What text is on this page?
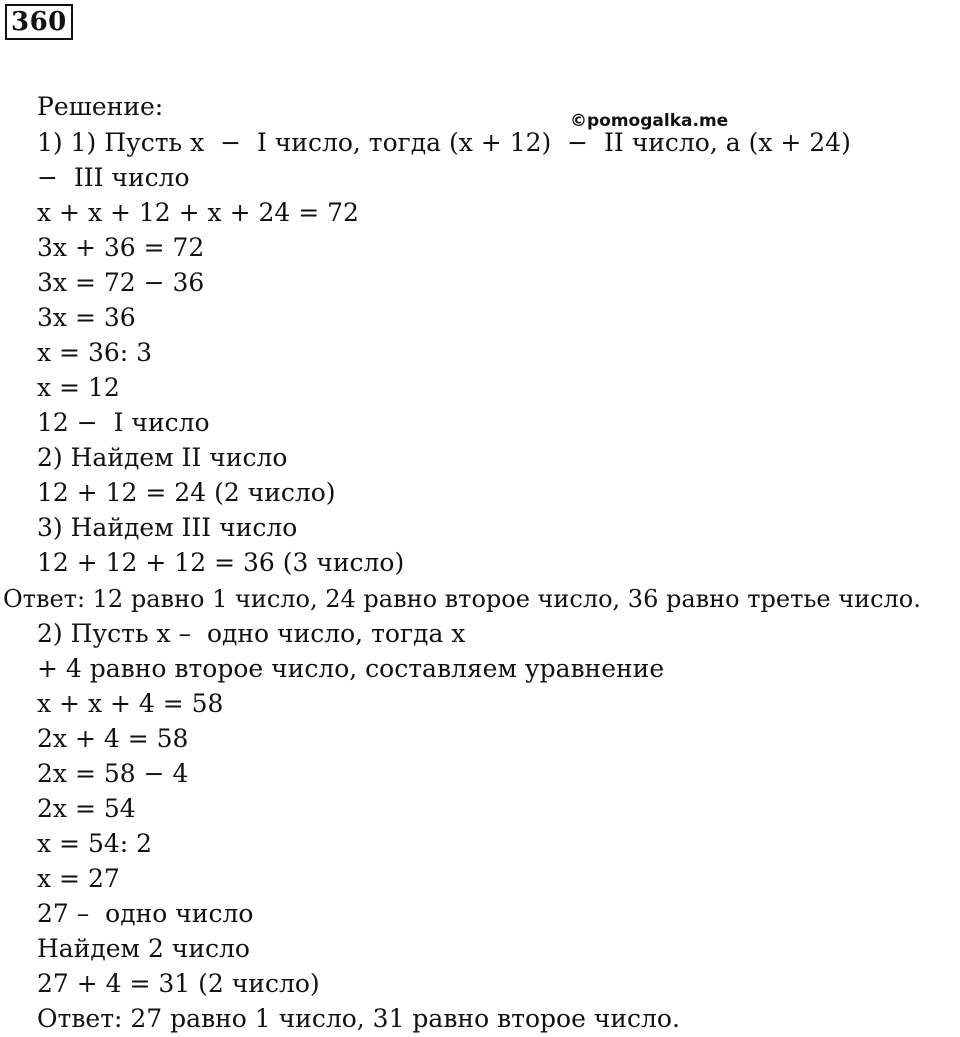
360
©pomogalka.me
Решение:
1) 1) Пусть x  −  I число, тогда (x + 12)  −  II число, а (x + 24)
−  III число
x + x + 12 + x + 24 = 72
3x + 36 = 72
3x = 72 − 36
3x = 36
x = 36: 3
x = 12
12 −  I число
2) Найдем II число
12 + 12 = 24 (2 число)
3) Найдем III число
12 + 12 + 12 = 36 (3 число)
Ответ: 12 равно 1 число, 24 равно второе число, 36 равно третье число.
2) Пусть x –  одно число, тогда x
+ 4 равно второе число, составляем уравнение
x + x + 4 = 58
2x + 4 = 58
2x = 58 − 4
2x = 54
x = 54: 2
x = 27
27 –  одно число
Найдем 2 число
27 + 4 = 31 (2 число)
Ответ: 27 равно 1 число, 31 равно второе число.
